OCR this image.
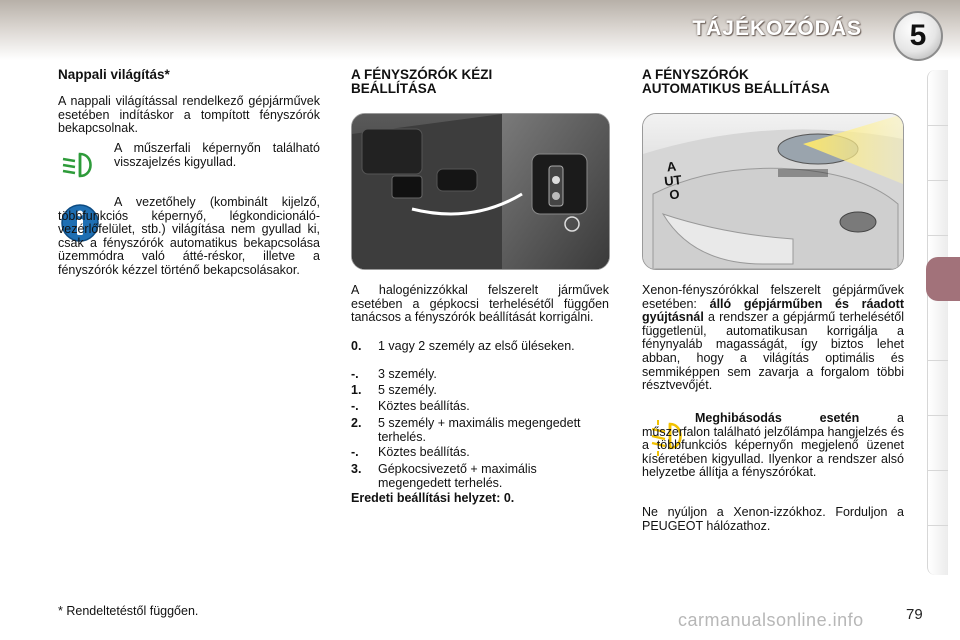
TÁJÉKOZÓDÁS	5
Nappali világítás*

A nappali világítással rendelkező gépjárművek esetében indításkor a tompított fényszórók bekapcsolnak.

A műszerfali képernyőn található visszajelzés kigyullad.

A vezetőhely (kombinált kijelző, többfunkciós képernyő, légkondicionáló-vezérlőfelület, stb.) világítása nem gyullad ki, csak a fényszórók automatikus bekapcsolása üzemmódra való átté-réskor, illetve a fényszórók kézzel történő bekapcsolásakor.

A FÉNYSZÓRÓK KÉZI
BEÁLLÍTÁSA

A halogénizzókkal felszerelt járművek esetében a gépkocsi terhelésétől függően tanácsos a fényszórók beállítását korrigálni.

0. 1 vagy 2 személy az első üléseken.
-. 3 személy.
1. 5 személy.
-. Köztes beállítás.
2. 5 személy + maximális megengedett terhelés.
-. Köztes beállítás.
3. Gépkocsivezető + maximális megengedett terhelés.
Eredeti beállítási helyzet: 0.
A FÉNYSZÓRÓK
AUTOMATIKUS BEÁLLÍTÁSA
AUTO

Xenon-fényszórókkal felszerelt gépjárművek esetében: álló gépjárműben és ráadott gyújtásnál a rendszer a gépjármű terhelésétől függetlenül, automatikusan korrigálja a fénynyaláb magasságát, így biztos lehet abban, hogy a világítás optimális és semmiképpen sem zavarja a forgalom többi résztvevőjét.

Meghibásodás esetén	a műszerfalon található jelzőlámpa hangjelzés és a többfunkciós képernyőn megjelenő üzenet kíséretében kigyullad. Ilyenkor a rendszer alsó helyzetbe állítja a fényszórókat.

Ne nyúljon a Xenon-izzókhoz. Forduljon a PEUGEOT hálózathoz.

* Rendeltetéstől függően.	carmanualsonline.info	79
